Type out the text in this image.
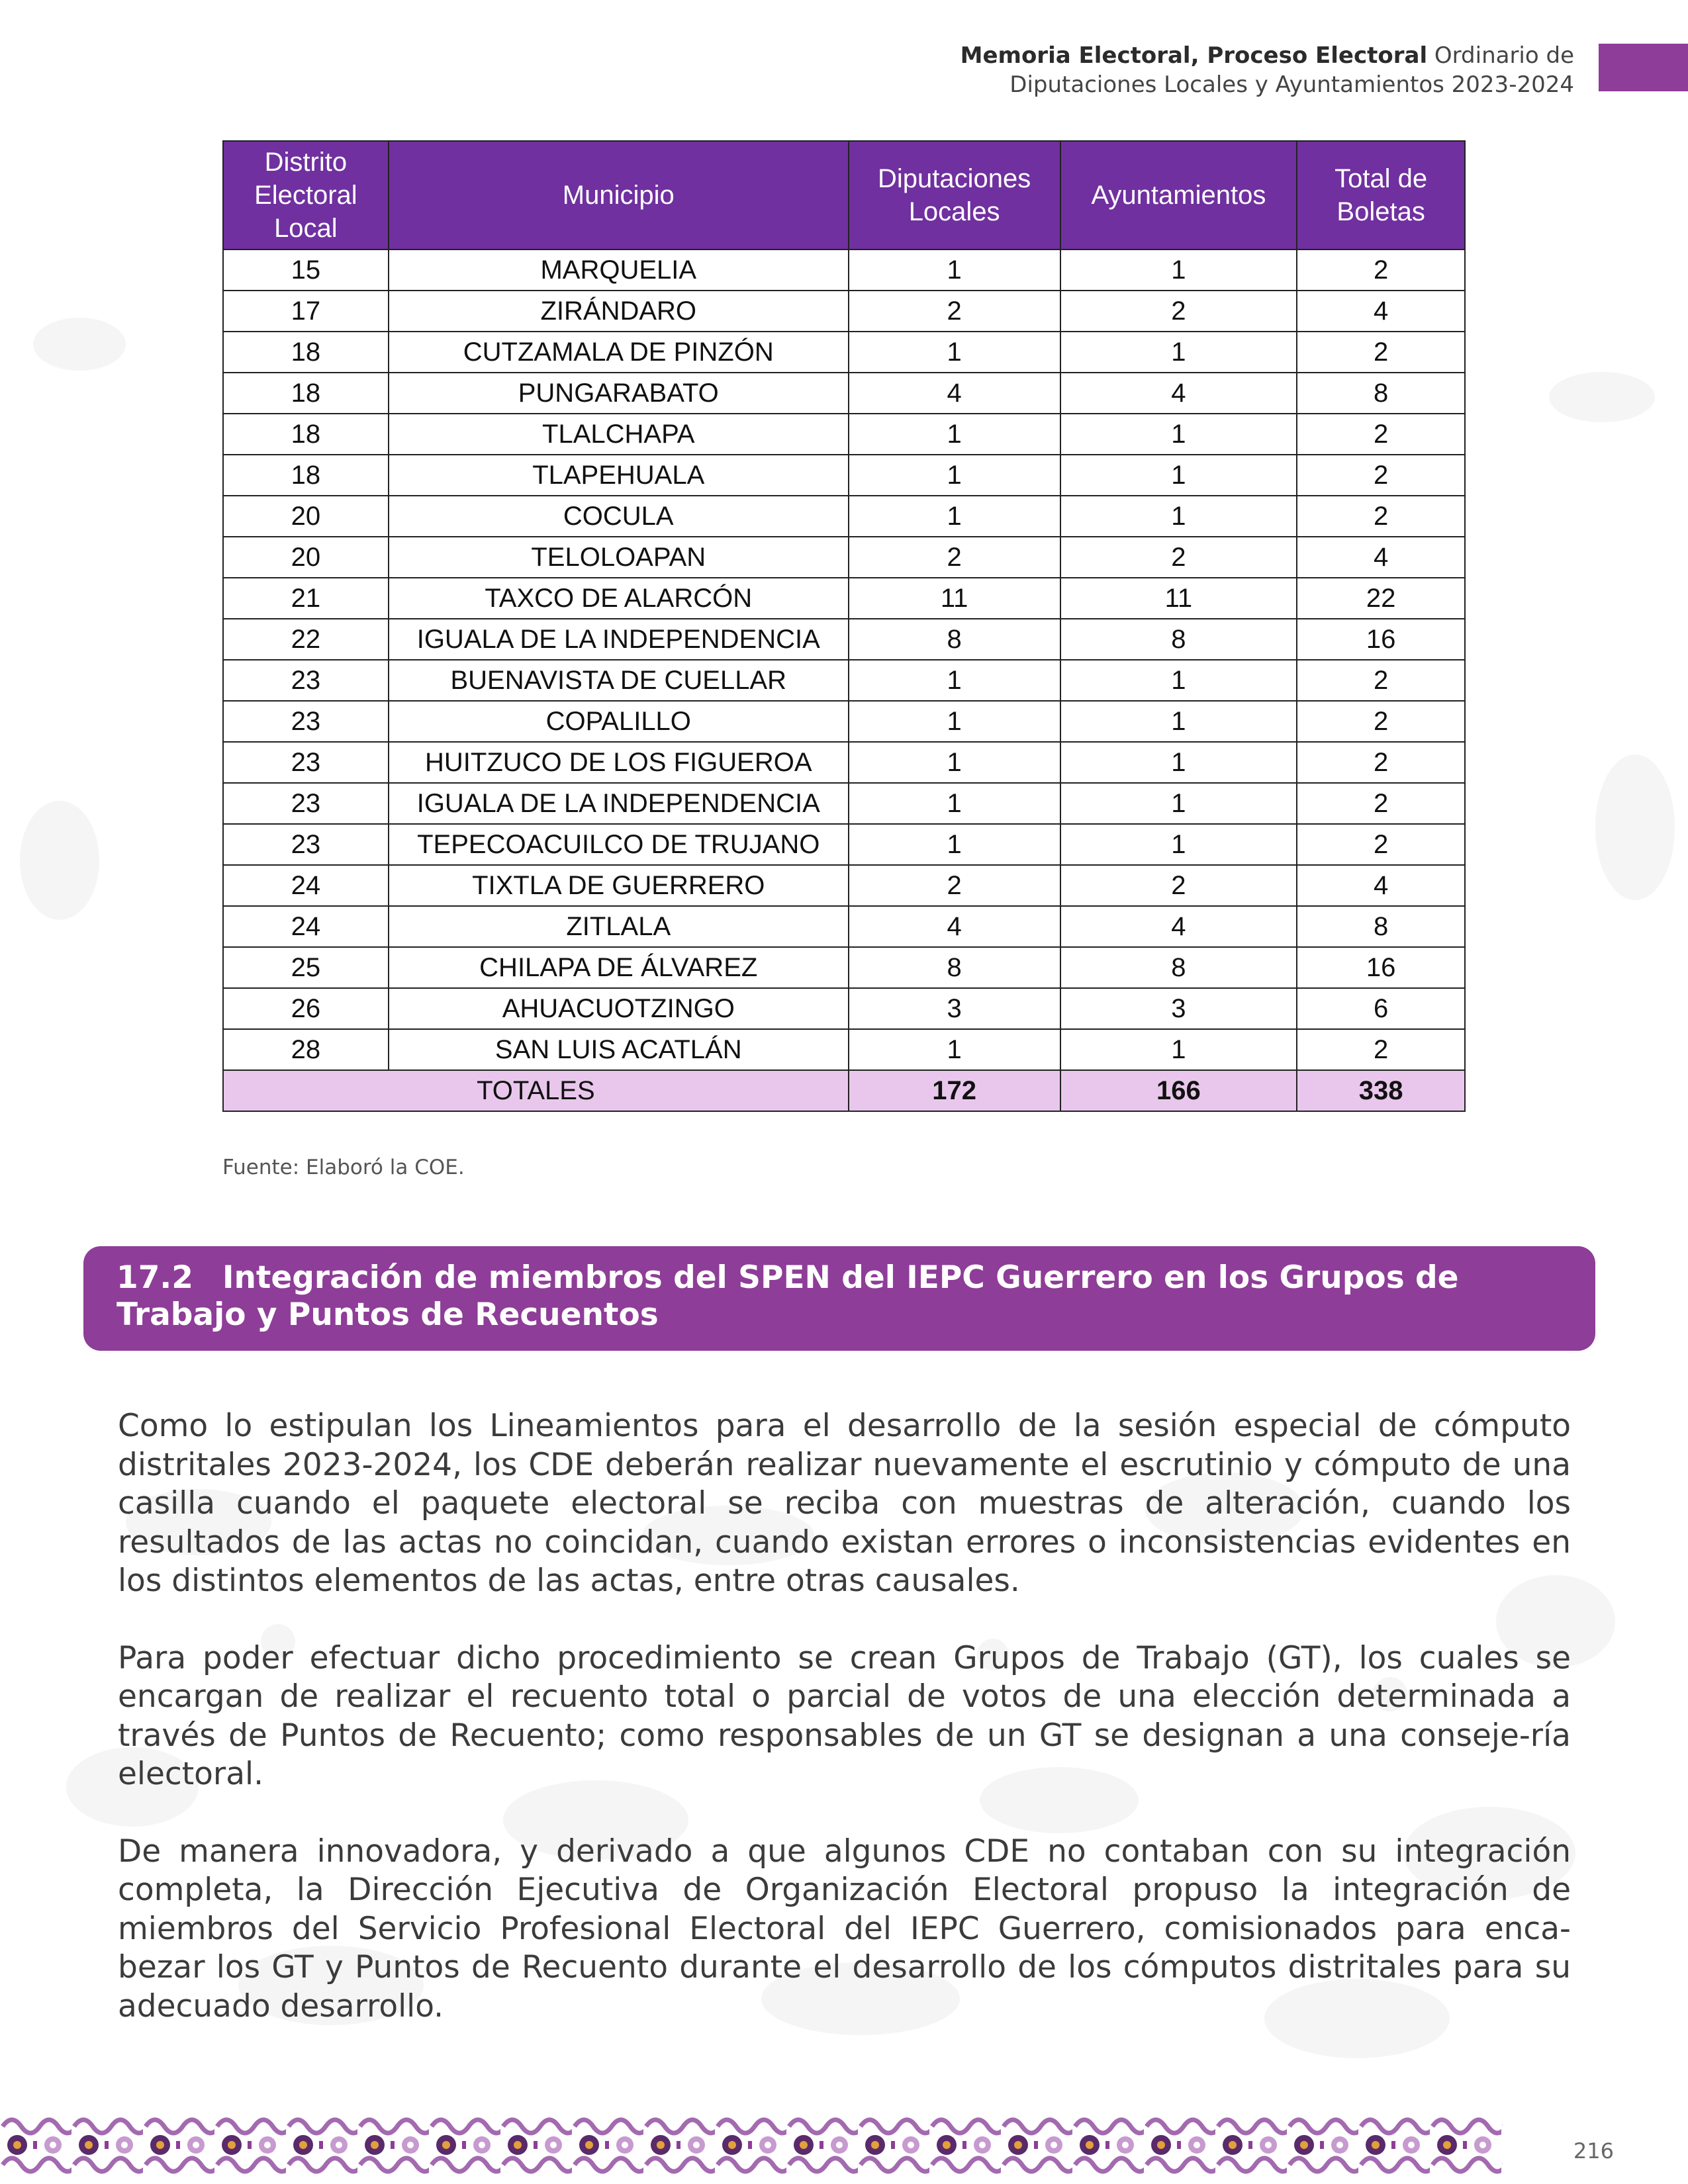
Memoria Electoral, Proceso Electoral Ordinario de
Diputaciones Locales y Ayuntamientos 2023-2024
Distrito Electoral Local	Municipio	Diputaciones Locales	Ayuntamientos	Total de Boletas
15	MARQUELIA	1	1	2
17	ZIRÁNDARO	2	2	4
18	CUTZAMALA DE PINZÓN	1	1	2
18	PUNGARABATO	4	4	8
18	TLALCHAPA	1	1	2
18	TLAPEHUALA	1	1	2
20	COCULA	1	1	2
20	TELOLOAPAN	2	2	4
21	TAXCO DE ALARCÓN	11	11	22
22	IGUALA DE LA INDEPENDENCIA	8	8	16
23	BUENAVISTA DE CUELLAR	1	1	2
23	COPALILLO	1	1	2
23	HUITZUCO DE LOS FIGUEROA	1	1	2
23	IGUALA DE LA INDEPENDENCIA	1	1	2
23	TEPECOACUILCO DE TRUJANO	1	1	2
24	TIXTLA DE GUERRERO	2	2	4
24	ZITLALA	4	4	8
25	CHILAPA DE ÁLVAREZ	8	8	16
26	AHUACUOTZINGO	3	3	6
28	SAN LUIS ACATLÁN	1	1	2
TOTALES		172	166	338
Fuente: Elaboró la COE.
17.2 Integración de miembros del SPEN del IEPC Guerrero en los Grupos de Trabajo y Puntos de Recuentos

Como lo estipulan los Lineamientos para el desarrollo de la sesión especial de cómputo distritales 2023-2024, los CDE deberán realizar nuevamente el escrutinio y cómputo de una casilla cuando el paquete electoral se reciba con muestras de alteración, cuando los resultados de las actas no coincidan, cuando existan errores o inconsistencias evidentes en los distintos elementos de las actas, entre otras causales.

Para poder efectuar dicho procedimiento se crean Grupos de Trabajo (GT), los cuales se encargan de realizar el recuento total o parcial de votos de una elección determinada a través de Puntos de Recuento; como responsables de un GT se designan a una conseje-ría electoral.

De manera innovadora, y derivado a que algunos CDE no contaban con su integración completa, la Dirección Ejecutiva de Organización Electoral propuso la integración de miembros del Servicio Profesional Electoral del IEPC Guerrero, comisionados para enca-bezar los GT y Puntos de Recuento durante el desarrollo de los cómputos distritales para su adecuado desarrollo.

216
